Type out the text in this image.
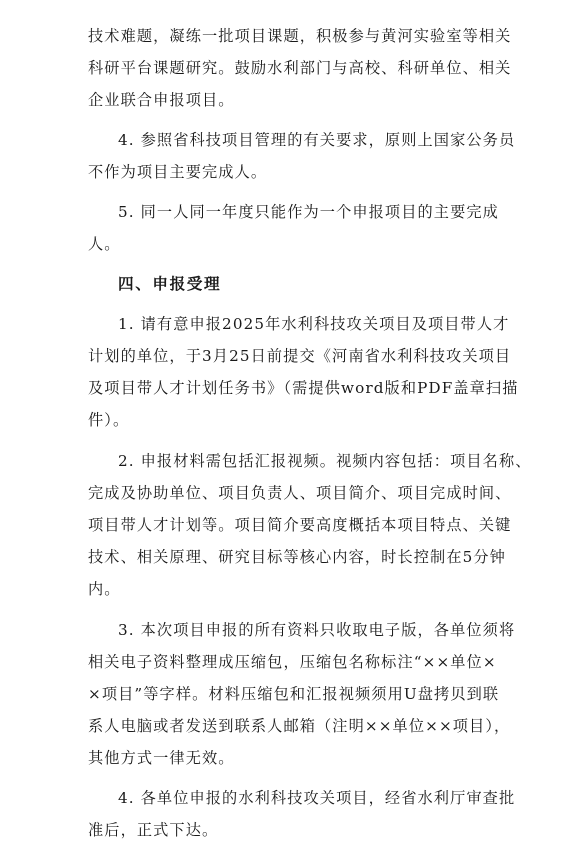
技术难题，凝练一批项目课题，积极参与黄河实验室等相关
科研平台课题研究。鼓励水利部门与高校、科研单位、相关
企业联合申报项目。
4. 参照省科技项目管理的有关要求，原则上国家公务员
不作为项目主要完成人。
5. 同一人同一年度只能作为一个申报项目的主要完成
人。
四、申报受理
1. 请有意申报2025年水利科技攻关项目及项目带人才
计划的单位，于3月25日前提交《河南省水利科技攻关项目
及项目带人才计划任务书》（需提供word版和PDF盖章扫描
件）。
2. 申报材料需包括汇报视频。视频内容包括：项目名称、
完成及协助单位、项目负责人、项目简介、项目完成时间、
项目带人才计划等。项目简介要高度概括本项目特点、关键
技术、相关原理、研究目标等核心内容，时长控制在5分钟
内。
3. 本次项目申报的所有资料只收取电子版，各单位须将
相关电子资料整理成压缩包，压缩包名称标注“××单位×
×项目”等字样。材料压缩包和汇报视频须用U盘拷贝到联
系人电脑或者发送到联系人邮箱（注明××单位××项目），
其他方式一律无效。
4. 各单位申报的水利科技攻关项目，经省水利厅审查批
准后，正式下达。
